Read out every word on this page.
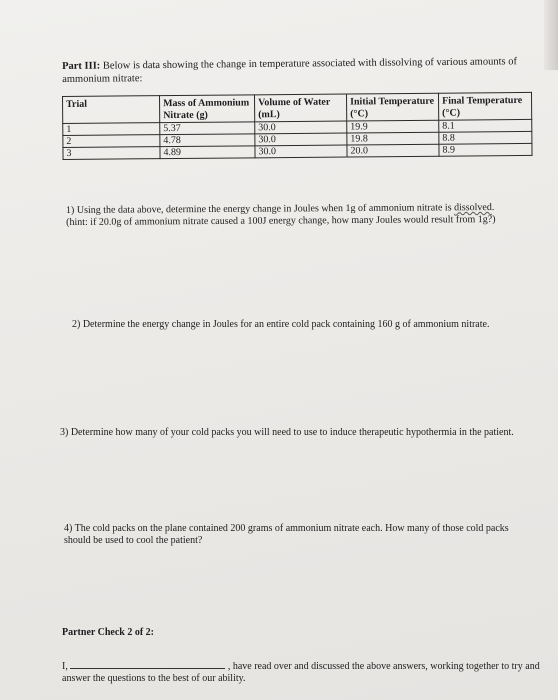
Part III: Below is data showing the change in temperature associated with dissolving of various amounts of ammonium nitrate:
Trial	Mass of Ammonium Nitrate (g)	Volume of Water (mL)	Initial Temperature (°C)	Final Temperature (°C)
1	5.37	30.0	19.9	8.1
2	4.78	30.0	19.8	8.8
3	4.89	30.0	20.0	8.9
1) Using the data above, determine the energy change in Joules when 1g of ammonium nitrate is dissolved. (hint: if 20.0g of ammonium nitrate caused a 100J energy change, how many Joules would result from 1g?)
2) Determine the energy change in Joules for an entire cold pack containing 160 g of ammonium nitrate.
3) Determine how many of your cold packs you will need to use to induce therapeutic hypothermia in the patient.
4) The cold packs on the plane contained 200 grams of ammonium nitrate each. How many of those cold packs should be used to cool the patient?
Partner Check 2 of 2:
I,	, have read over and discussed the above answers, working together to try and answer the questions to the best of our ability.
